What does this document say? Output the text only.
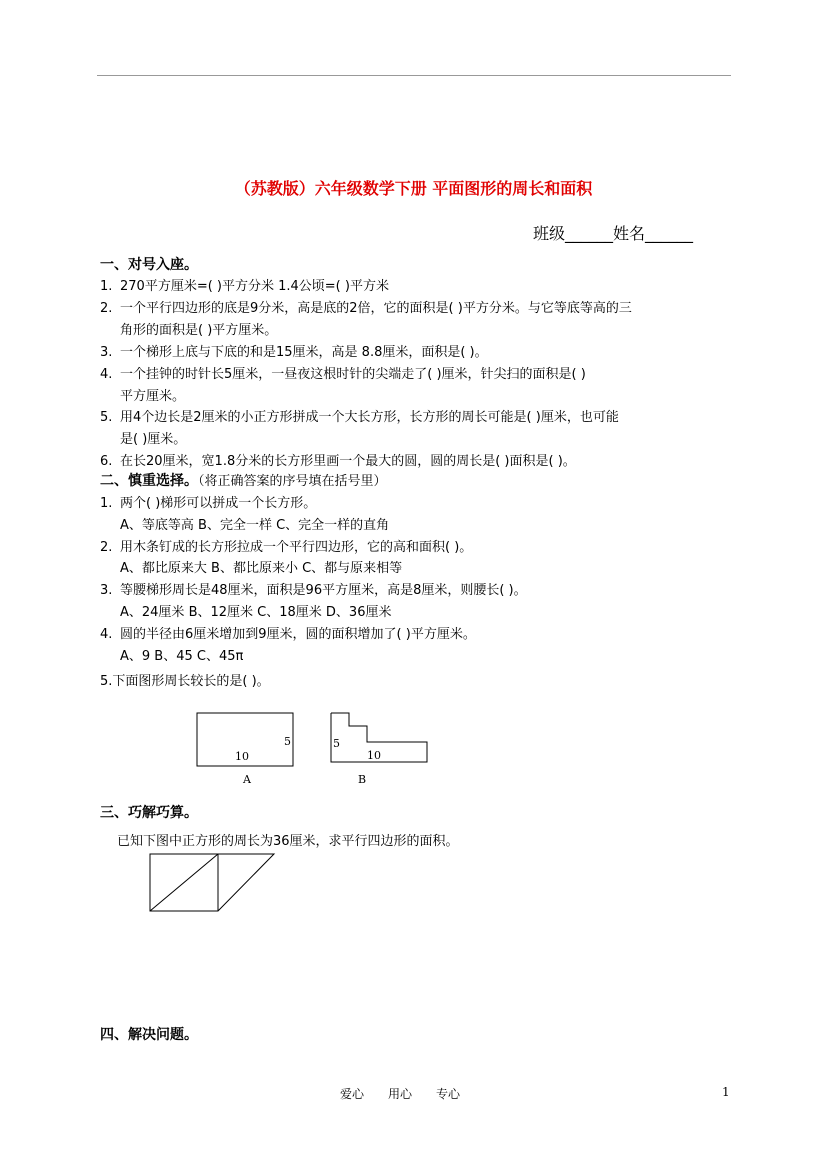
（苏教版）六年级数学下册 平面图形的周长和面积
班级______姓名______
一、对号入座。
1. 270平方厘米=( )平方分米 1.4公顷=( )平方米
2. 一个平行四边形的底是9分米，高是底的2倍，它的面积是( )平方分米。与它等底等高的三
角形的面积是( )平方厘米。
3. 一个梯形上底与下底的和是15厘米，高是 8.8厘米，面积是( )。
4. 一个挂钟的时针长5厘米，一昼夜这根时针的尖端走了( )厘米，针尖扫的面积是( )
平方厘米。
5. 用4个边长是2厘米的小正方形拼成一个大长方形，长方形的周长可能是( )厘米，也可能
是( )厘米。
6. 在长20厘米，宽1.8分米的长方形里画一个最大的圆，圆的周长是( )面积是( )。
二、慎重选择。（将正确答案的序号填在括号里）
1. 两个( )梯形可以拼成一个长方形。
A、等底等高 B、完全一样 C、完全一样的直角
2. 用木条钉成的长方形拉成一个平行四边形，它的高和面积( )。
A、都比原来大 B、都比原来小 C、都与原来相等
3. 等腰梯形周长是48厘米，面积是96平方厘米，高是8厘米，则腰长( )。
A、24厘米 B、12厘米 C、18厘米 D、36厘米
4. 圆的半径由6厘米增加到9厘米，圆的面积增加了( )平方厘米。
A、9 B、45 C、45π
5.下面图形周长较长的是( )。
10
5
A
5
10
B
三、巧解巧算。
已知下图中正方形的周长为36厘米，求平行四边形的面积。
四、解决问题。
爱心 用心 专心	1
